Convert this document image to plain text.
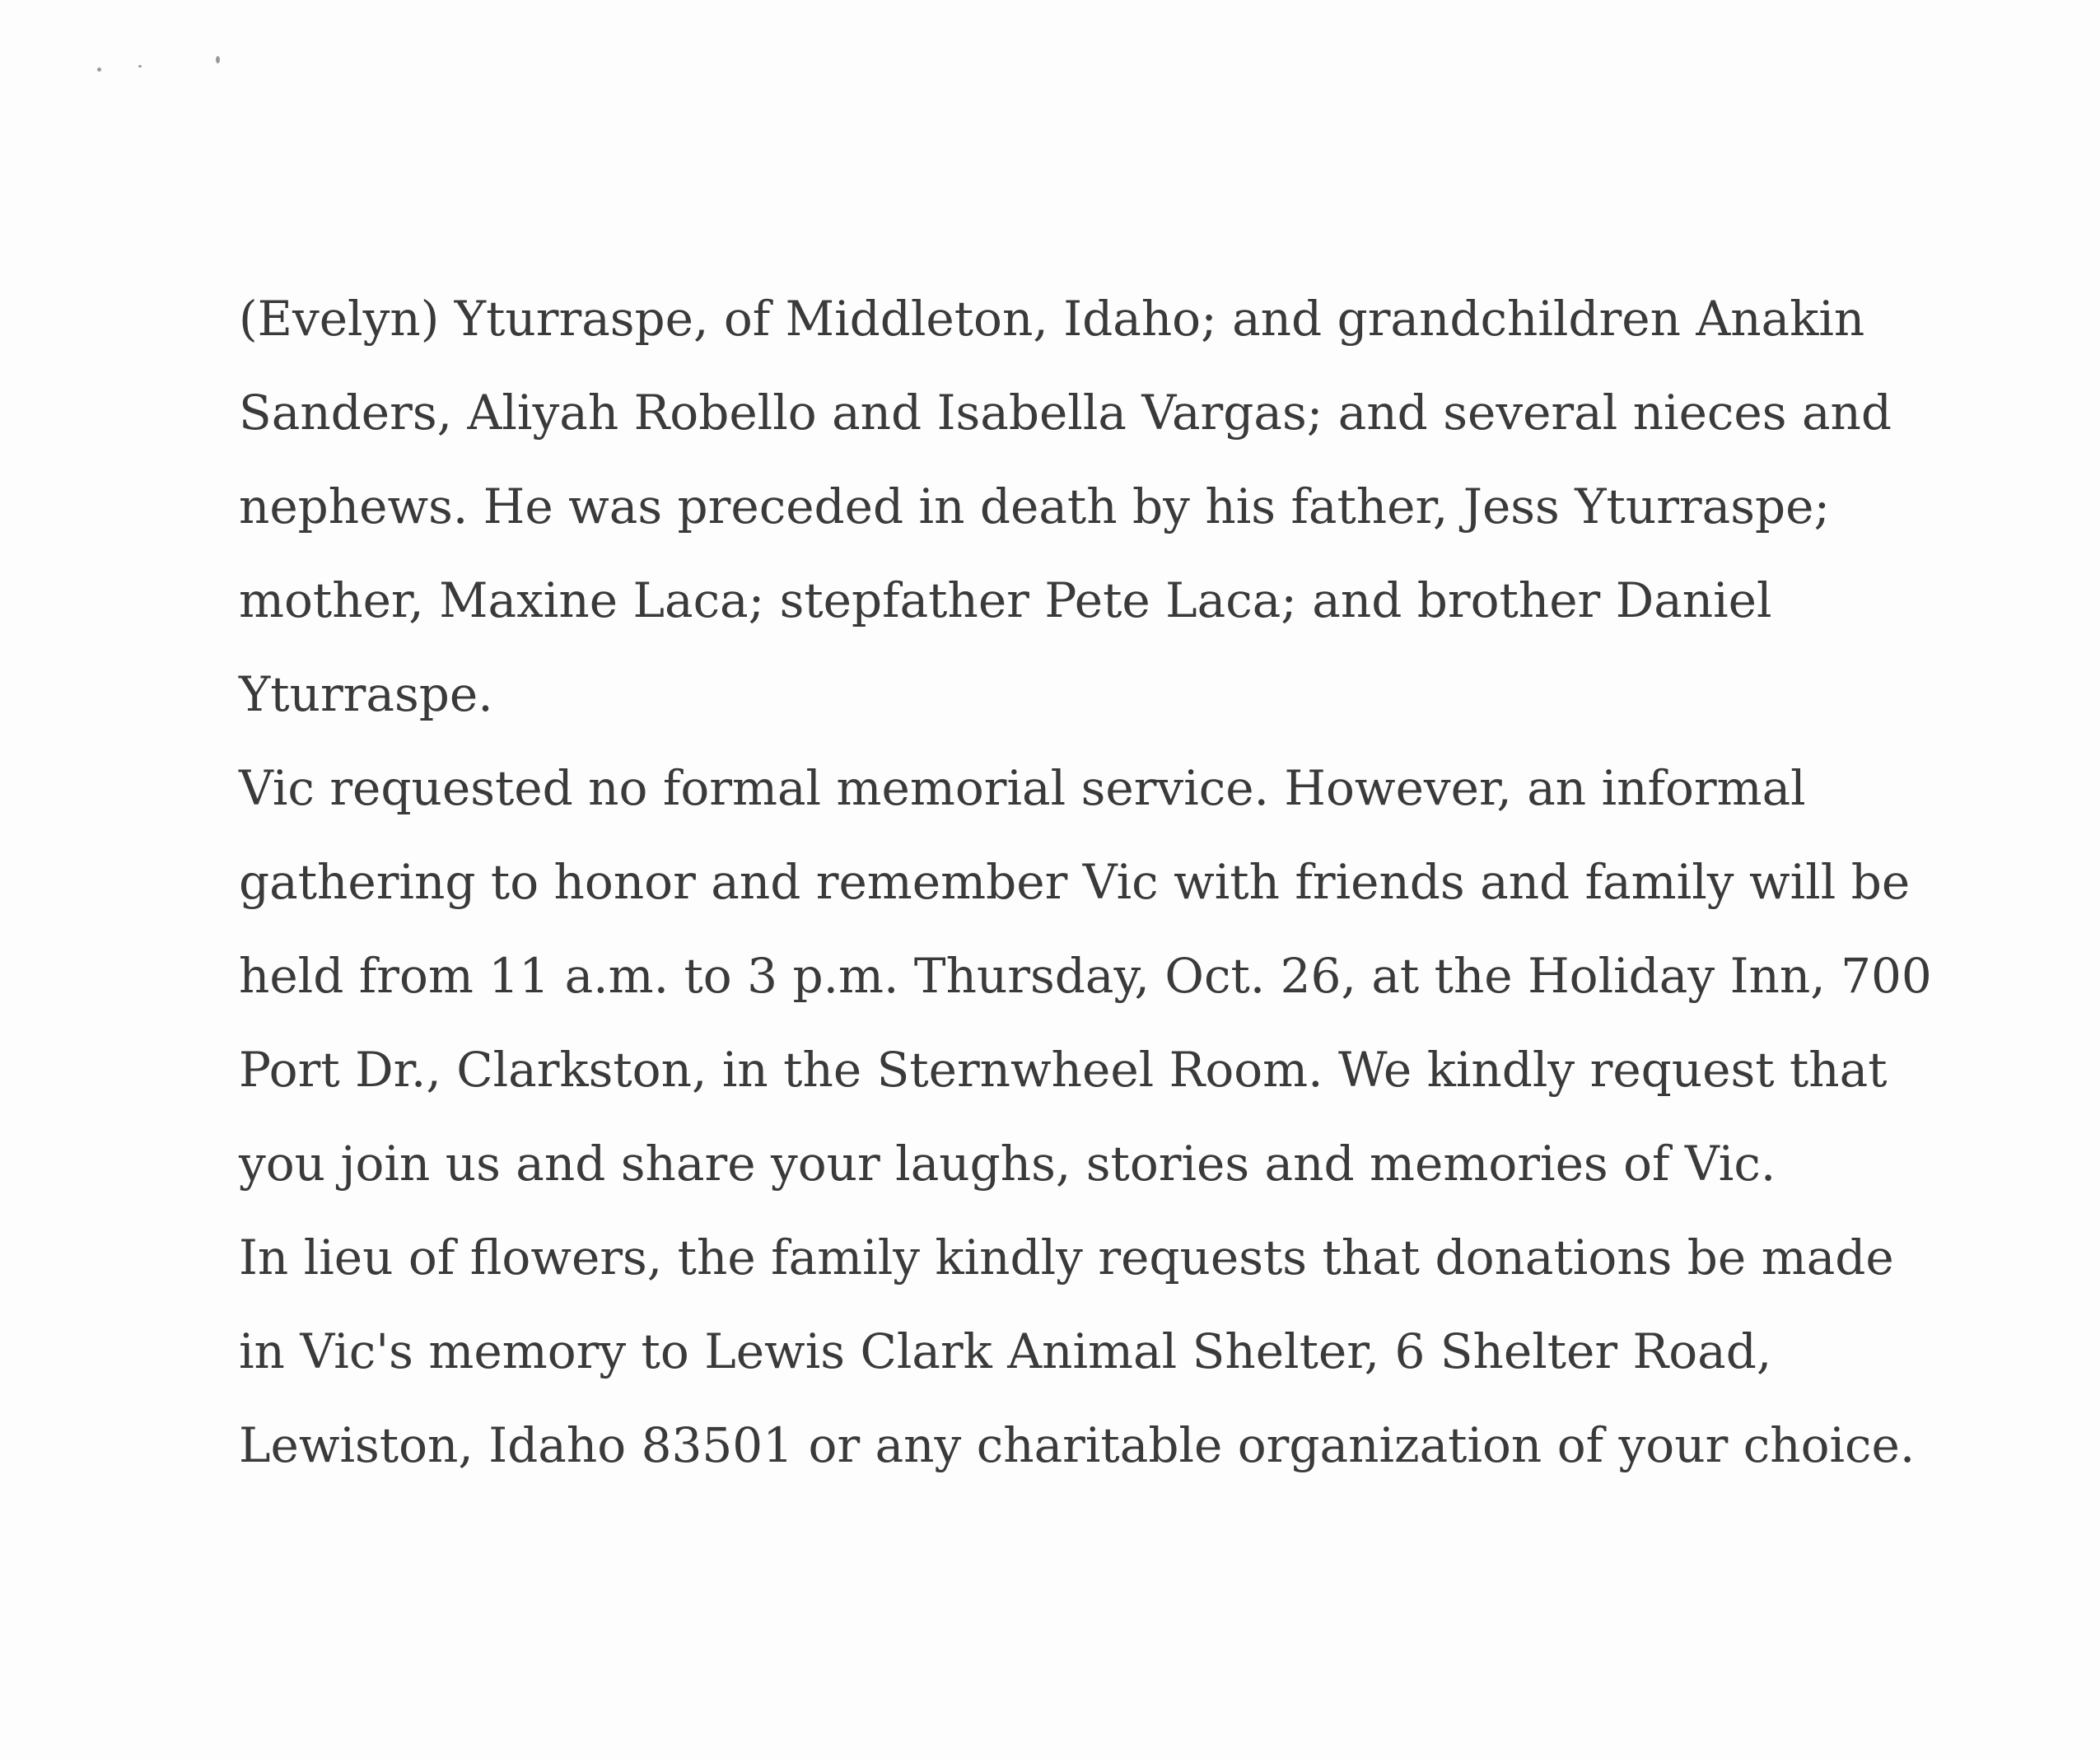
(Evelyn) Yturraspe, of Middleton, Idaho; and grandchildren Anakin
Sanders, Aliyah Robello and Isabella Vargas; and several nieces and
nephews. He was preceded in death by his father, Jess Yturraspe;
mother, Maxine Laca; stepfather Pete Laca; and brother Daniel
Yturraspe.
Vic requested no formal memorial service. However, an informal
gathering to honor and remember Vic with friends and family will be
held from 11 a.m. to 3 p.m. Thursday, Oct. 26, at the Holiday Inn, 700
Port Dr., Clarkston, in the Sternwheel Room. We kindly request that
you join us and share your laughs, stories and memories of Vic.
In lieu of flowers, the family kindly requests that donations be made
in Vic's memory to Lewis Clark Animal Shelter, 6 Shelter Road,
Lewiston, Idaho 83501 or any charitable organization of your choice.
